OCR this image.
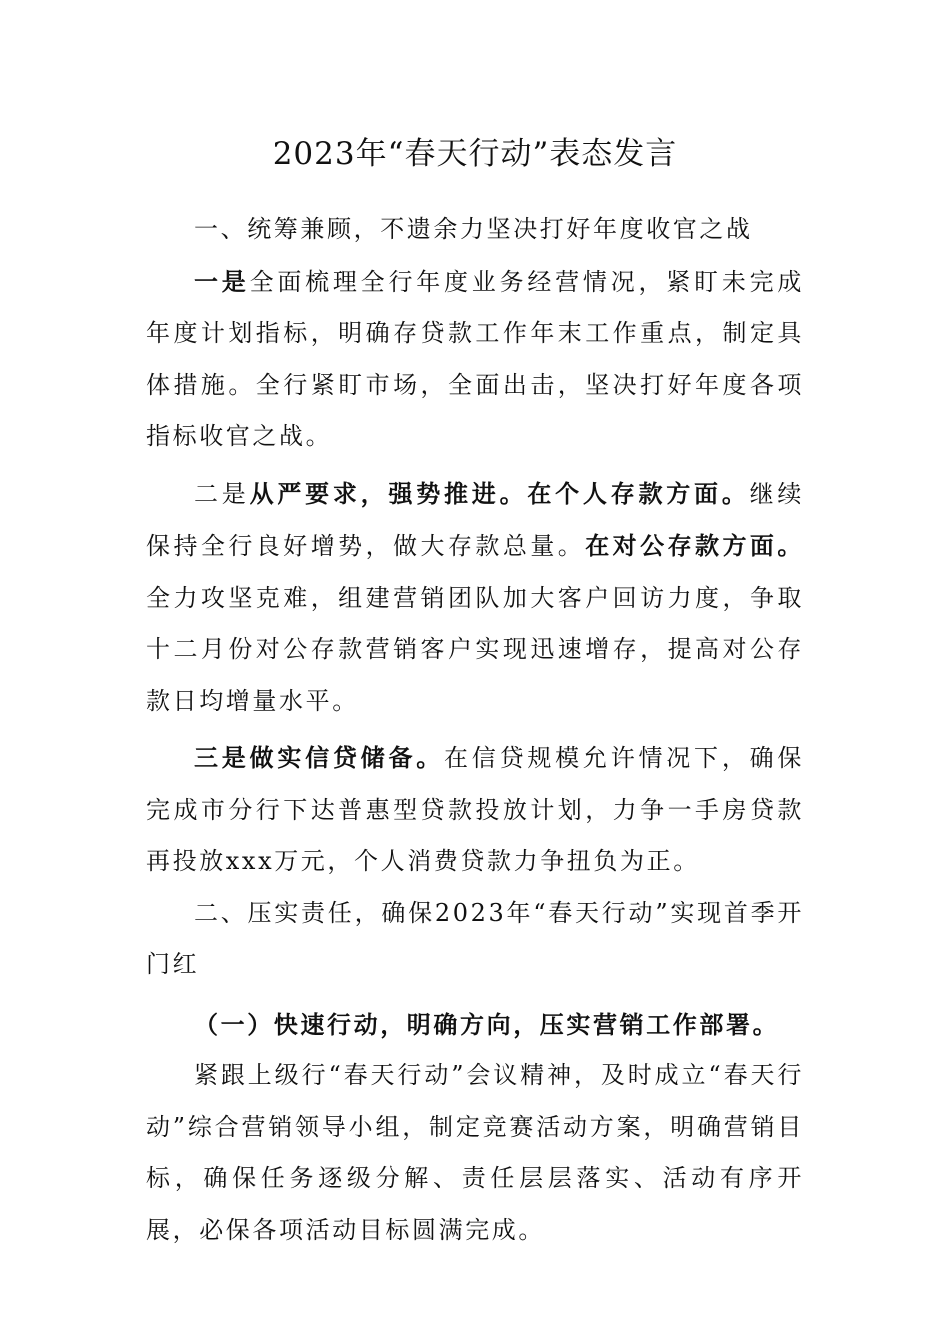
2023年“春天行动”表态发言

一、统筹兼顾，不遗余力坚决打好年度收官之战

一是全面梳理全行年度业务经营情况，紧盯未完成年度计划指标，明确存贷款工作年末工作重点，制定具体措施。全行紧盯市场，全面出击，坚决打好年度各项指标收官之战。

二是从严要求，强势推进。在个人存款方面。继续保持全行良好增势，做大存款总量。在对公存款方面。全力攻坚克难，组建营销团队加大客户回访力度，争取十二月份对公存款营销客户实现迅速增存，提高对公存款日均增量水平。

三是做实信贷储备。在信贷规模允许情况下，确保完成市分行下达普惠型贷款投放计划，力争一手房贷款再投放xxx万元，个人消费贷款力争扭负为正。

二、压实责任，确保2023年“春天行动”实现首季开门红

（一）快速行动，明确方向，压实营销工作部署。

紧跟上级行“春天行动”会议精神，及时成立“春天行动”综合营销领导小组，制定竞赛活动方案，明确营销目标，确保任务逐级分解、责任层层落实、活动有序开展，必保各项活动目标圆满完成。
